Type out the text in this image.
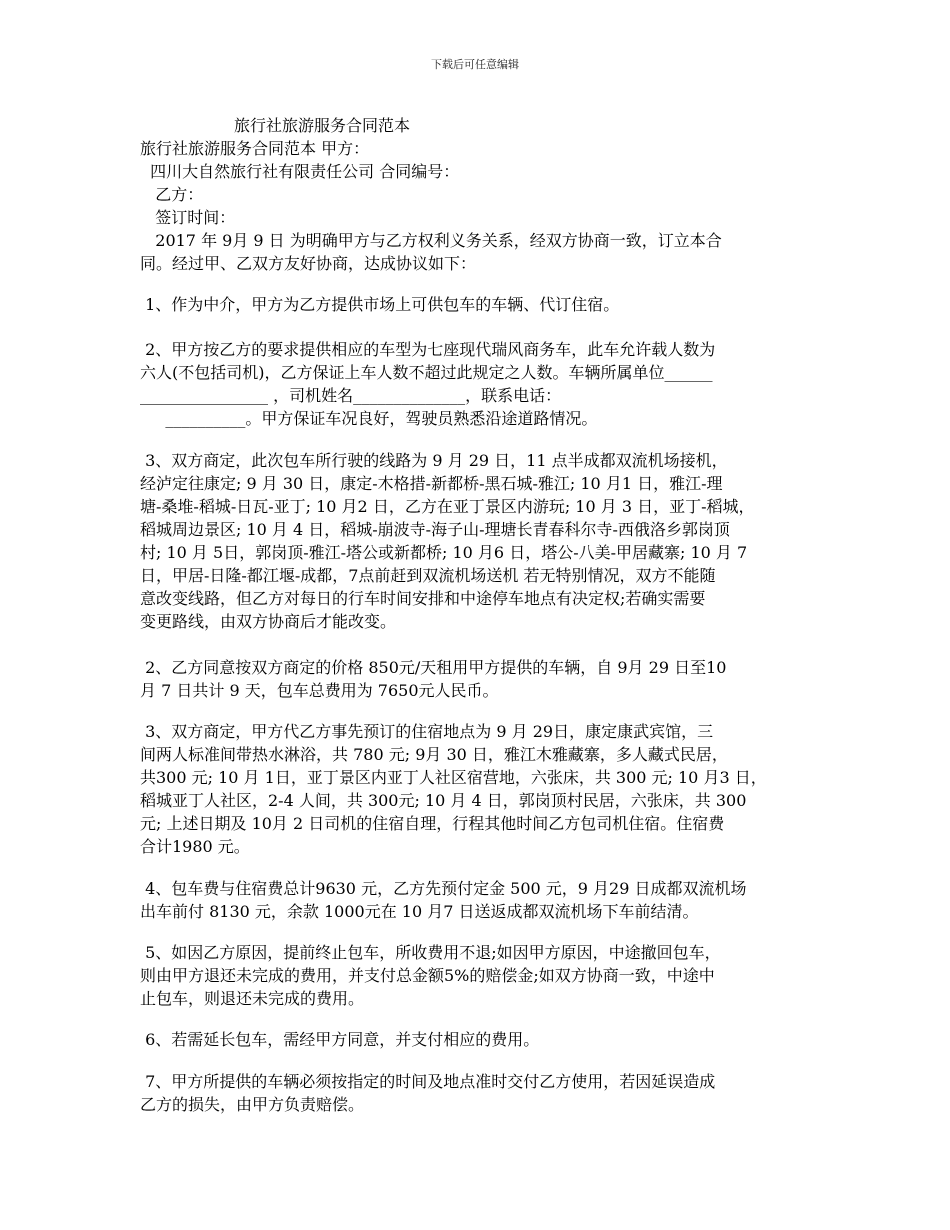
下载后可任意编辑
旅行社旅游服务合同范本
旅行社旅游服务合同范本 甲方：
四川大自然旅行社有限责任公司 合同编号：
乙方：
签订时间：
2017 年 9月 9 日 为明确甲方与乙方权利义务关系，经双方协商一致，订立本合
同。经过甲、乙双方友好协商，达成协议如下：
1、作为中介，甲方为乙方提供市场上可供包车的车辆、代订住宿。
2、甲方按乙方的要求提供相应的车型为七座现代瑞风商务车，此车允许载人数为
六人(不包括司机)，乙方保证上车人数不超过此规定之人数。车辆所属单位______
________________ ，司机姓名______________，联系电话：
__________。甲方保证车况良好，驾驶员熟悉沿途道路情况。
3、双方商定，此次包车所行驶的线路为 9 月 29 日，11 点半成都双流机场接机，
经泸定往康定; 9 月 30 日，康定-木格措-新都桥-黑石城-雅江; 10 月1 日，雅江-理
塘-桑堆-稻城-日瓦-亚丁; 10 月2 日，乙方在亚丁景区内游玩; 10 月 3 日，亚丁-稻城，
稻城周边景区; 10 月 4 日，稻城-崩波寺-海子山-理塘长青春科尔寺-西俄洛乡郭岗顶
村; 10 月 5日，郭岗顶-雅江-塔公或新都桥; 10 月6 日，塔公-八美-甲居藏寨; 10 月 7
日，甲居-日隆-都江堰-成都，7点前赶到双流机场送机 若无特别情况，双方不能随
意改变线路，但乙方对每日的行车时间安排和中途停车地点有决定权;若确实需要
变更路线，由双方协商后才能改变。
2、乙方同意按双方商定的价格 850元/天租用甲方提供的车辆，自 9月 29 日至10
月 7 日共计 9 天，包车总费用为 7650元人民币。
3、双方商定，甲方代乙方事先预订的住宿地点为 9 月 29日，康定康武宾馆，三
间两人标准间带热水淋浴，共 780 元; 9月 30 日，雅江木雅藏寨，多人藏式民居，
共300 元; 10 月 1日，亚丁景区内亚丁人社区宿营地，六张床，共 300 元; 10 月3 日，
稻城亚丁人社区，2-4 人间，共 300元; 10 月 4 日，郭岗顶村民居，六张床，共 300
元; 上述日期及 10月 2 日司机的住宿自理，行程其他时间乙方包司机住宿。住宿费
合计1980 元。
4、包车费与住宿费总计9630 元，乙方先预付定金 500 元，9 月29 日成都双流机场
出车前付 8130 元，余款 1000元在 10 月7 日送返成都双流机场下车前结清。
5、如因乙方原因，提前终止包车，所收费用不退;如因甲方原因，中途撤回包车，
则由甲方退还未完成的费用，并支付总金额5%的赔偿金;如双方协商一致，中途中
止包车，则退还未完成的费用。
6、若需延长包车，需经甲方同意，并支付相应的费用。
7、甲方所提供的车辆必须按指定的时间及地点准时交付乙方使用，若因延误造成
乙方的损失，由甲方负责赔偿。
